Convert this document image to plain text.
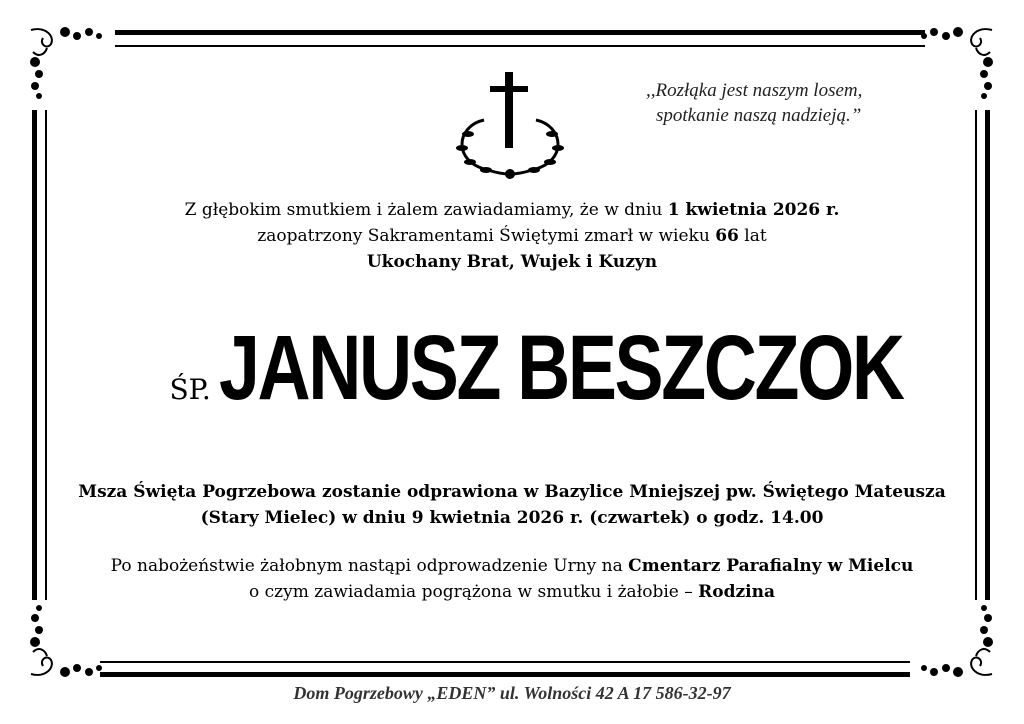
,,Rozłąka jest naszym losem,
spotkanie naszą nadzieją.”
Z głębokim smutkiem i żalem zawiadamiamy, że w dniu 1 kwietnia 2026 r.
zaopatrzony Sakramentami Świętymi zmarł w wieku 66 lat
Ukochany Brat, Wujek i Kuzyn
ŚP.JANUSZ BESZCZOK
Msza Święta Pogrzebowa zostanie odprawiona w Bazylice Mniejszej pw. Świętego Mateusza
(Stary Mielec) w dniu 9 kwietnia 2026 r. (czwartek) o godz. 14.00
Po nabożeństwie żałobnym nastąpi odprowadzenie Urny na Cmentarz Parafialny w Mielcu
o czym zawiadamia pogrążona w smutku i żałobie – Rodzina
Dom Pogrzebowy „EDEN” ul. Wolności 42 A 17 586-32-97
